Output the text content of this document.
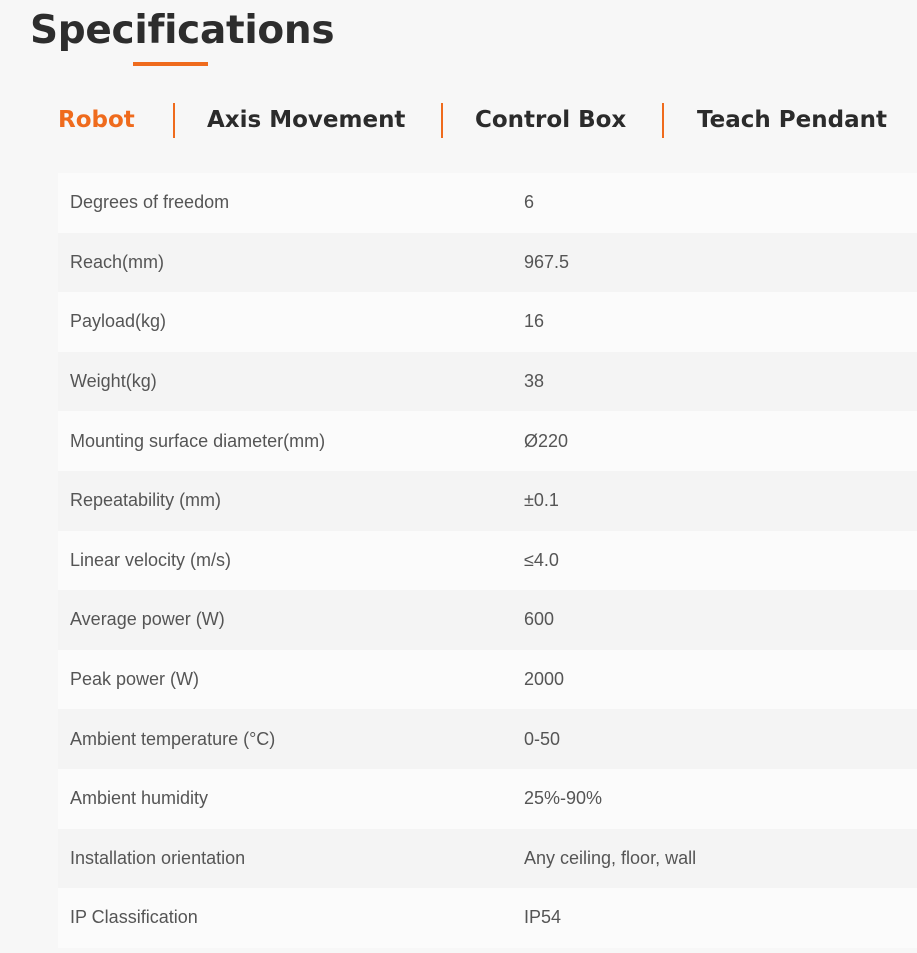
Specifications
Robot	Axis Movement	Control Box	Teach Pendant
Degrees of freedom	6
Reach(mm)	967.5
Payload(kg)	16
Weight(kg)	38
Mounting surface diameter(mm)	Ø220
Repeatability (mm)	±0.1
Linear velocity (m/s)	≤4.0
Average power (W)	600
Peak power (W)	2000
Ambient temperature (°C)	0-50
Ambient humidity	25%-90%
Installation orientation	Any ceiling, floor, wall
IP Classification	IP54
